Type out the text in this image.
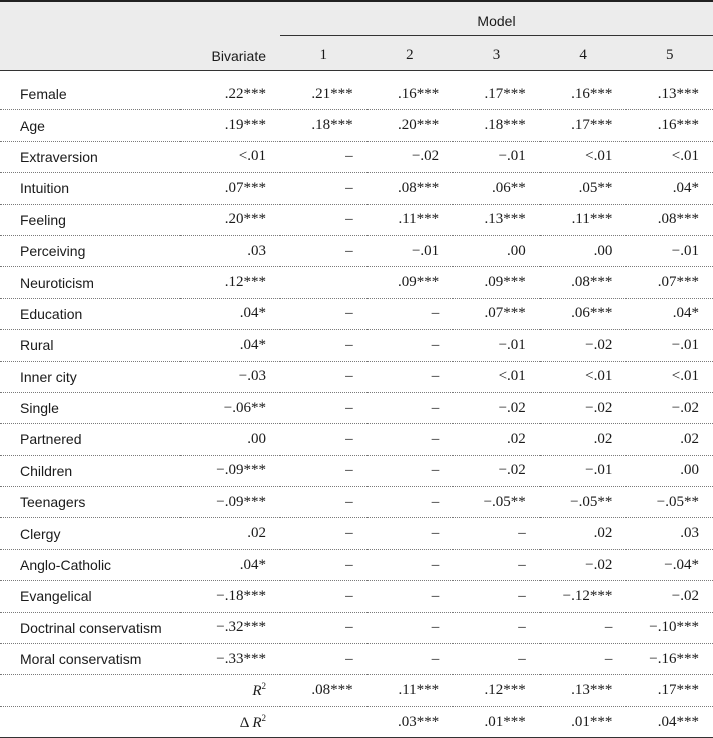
		Model				

	Bivariate	1	2	3	4	5

Female	.22***	.21***	.16***	.17***	.16***	.13***
Age	.19***	.18***	.20***	.18***	.17***	.16***
Extraversion	<.01	–	−.02	−.01	<.01	<.01
Intuition	.07***	–	.08***	.06**	.05**	.04*
Feeling	.20***	–	.11***	.13***	.11***	.08***
Perceiving	.03	–	−.01	.00	.00	−.01
Neuroticism	.12***		.09***	.09***	.08***	.07***
Education	.04*	–	–	.07***	.06***	.04*
Rural	.04*	–	–	−.01	−.02	−.01
Inner city	−.03	–	–	<.01	<.01	<.01
Single	−.06**	–	–	−.02	−.02	−.02
Partnered	.00	–	–	.02	.02	.02
Children	−.09***	–	–	−.02	−.01	.00
Teenagers	−.09***	–	–	−.05**	−.05**	−.05**
Clergy	.02	–	–	–	.02	.03
Anglo-Catholic	.04*	–	–	–	−.02	−.04*
Evangelical	−.18***	–	–	–	−.12***	−.02
Doctrinal conservatism	−.32***	–	–	–	–	−.10***
Moral conservatism	−.33***	–	–	–	–	−.16***
	$R^2$	.08***	.11***	.12***	.13***	.17***
	Δ $R^2$		.03***	.01***	.01***	.04***
